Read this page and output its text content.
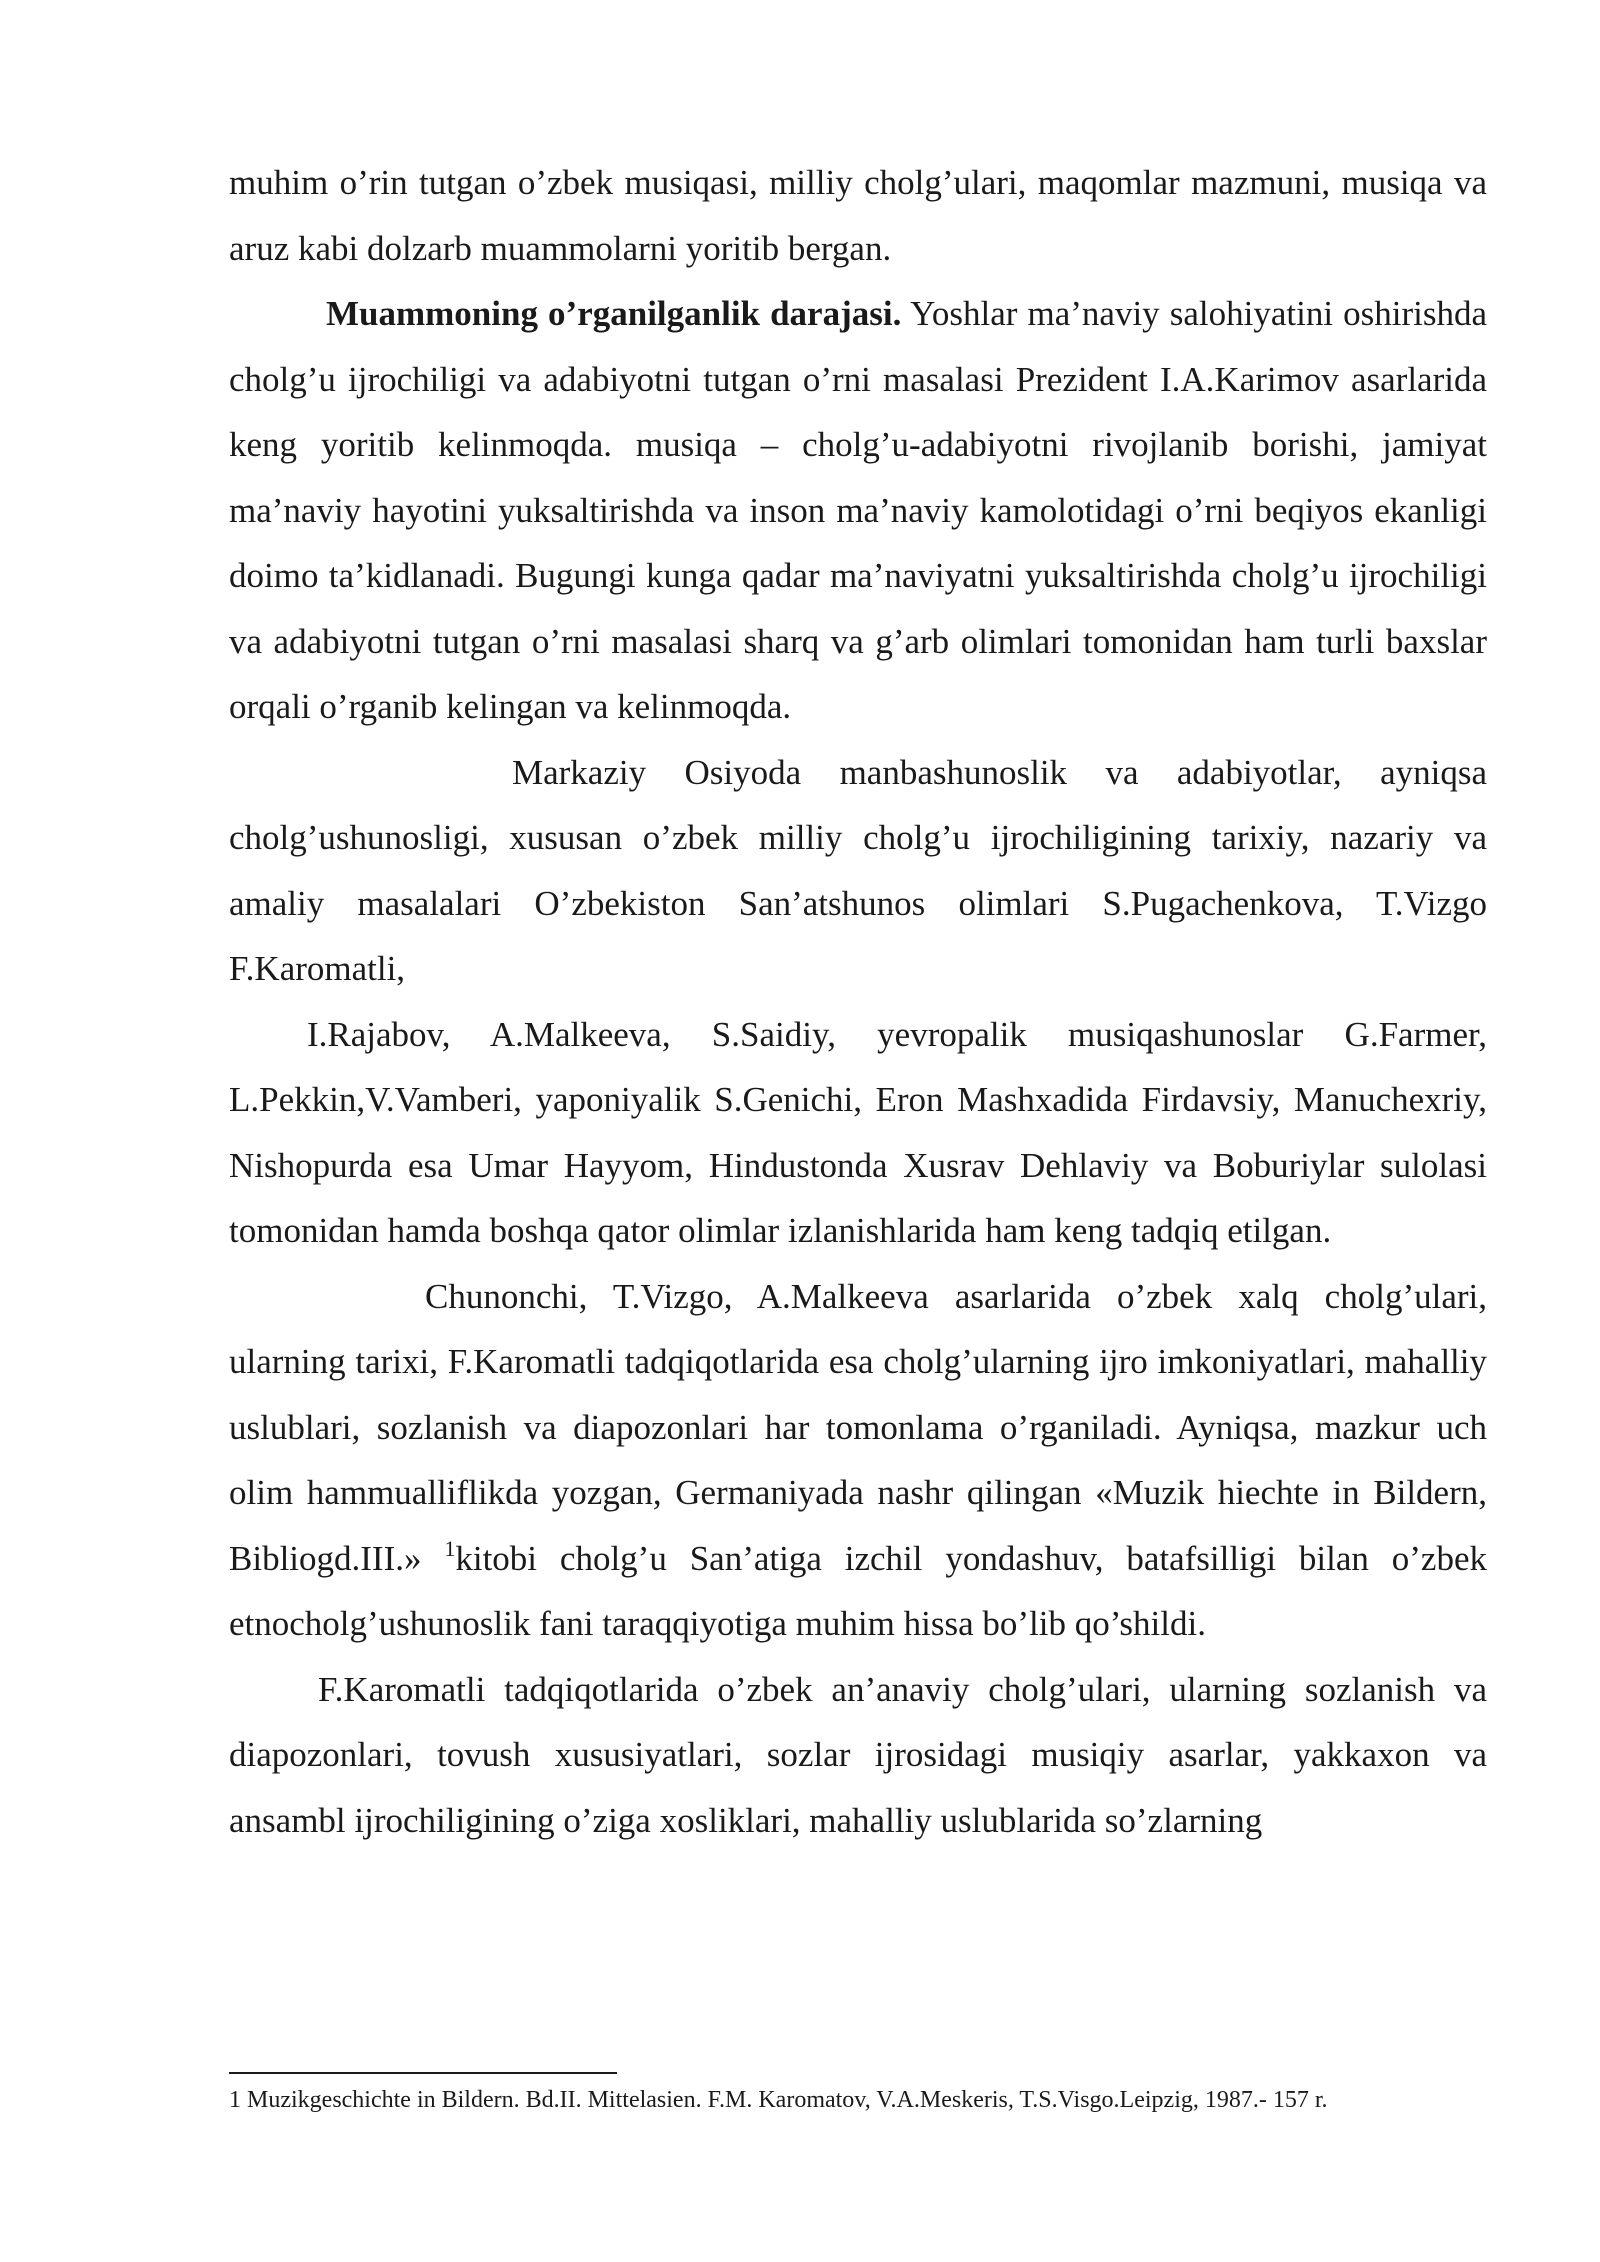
muhim o’rin tutgan o’zbek musiqasi, milliy cholg’ulari, maqomlar mazmuni, musiqa va aruz kabi dolzarb muammolarni yoritib bergan.

Muammoning o’rganilganlik darajasi. Yoshlar ma’naviy salohiyatini oshirishda cholg’u ijrochiligi va adabiyotni tutgan o’rni masalasi Prezident I.A.Karimov asarlarida keng yoritib kelinmoqda. musiqa – cholg’u-adabiyotni rivojlanib borishi, jamiyat ma’naviy hayotini yuksaltirishda va inson ma’naviy kamolotidagi o’rni beqiyos ekanligi doimo ta’kidlanadi. Bugungi kunga qadar ma’naviyatni yuksaltirishda cholg’u ijrochiligi va adabiyotni tutgan o’rni masalasi sharq va g’arb olimlari tomonidan ham turli baxslar orqali o’rganib kelingan va kelinmoqda.

Markaziy Osiyoda manbashunoslik va adabiyotlar, ayniqsa cholg’ushunosligi, xususan o’zbek milliy cholg’u ijrochiligining tarixiy, nazariy va amaliy masalalari O’zbekiston San’atshunos olimlari S.Pugachenkova, T.Vizgo F.Karomatli,

I.Rajabov, A.Malkeeva, S.Saidiy, yevropalik musiqashunoslar G.Farmer, L.Pekkin,V.Vamberi, yaponiyalik S.Genichi, Eron Mashxadida Firdavsiy, Manuchexriy, Nishopurda esa Umar Hayyom, Hindustonda Xusrav Dehlaviy va Boburiylar sulolasi tomonidan hamda boshqa qator olimlar izlanishlarida ham keng tadqiq etilgan.

Chunonchi, T.Vizgo, A.Malkeeva asarlarida o’zbek xalq cholg’ulari, ularning tarixi, F.Karomatli tadqiqotlarida esa cholg’ularning ijro imkoniyatlari, mahalliy uslublari, sozlanish va diapozonlari har tomonlama o’rganiladi. Ayniqsa, mazkur uch olim hammualliflikda yozgan, Germaniyada nashr qilingan «Muzik hiechte in Bildern, Bibliogd.III.» $^1$kitobi cholg’u San’atiga izchil yondashuv, batafsilligi bilan o’zbek etnocholg’ushunoslik fani taraqqiyotiga muhim hissa bo’lib qo’shildi.

F.Karomatli tadqiqotlarida o’zbek an’anaviy cholg’ulari, ularning sozlanish va diapozonlari, tovush xususiyatlari, sozlar ijrosidagi musiqiy asarlar, yakkaxon va ansambl ijrochiligining o’ziga xosliklari, mahalliy uslublarida so’zlarning

1 Muzikgeschichte in Bildern. Bd.II. Mittelasien. F.M. Karomatov, V.A.Meskeris, T.S.Visgo.Leipzig, 1987.- 157 r.
